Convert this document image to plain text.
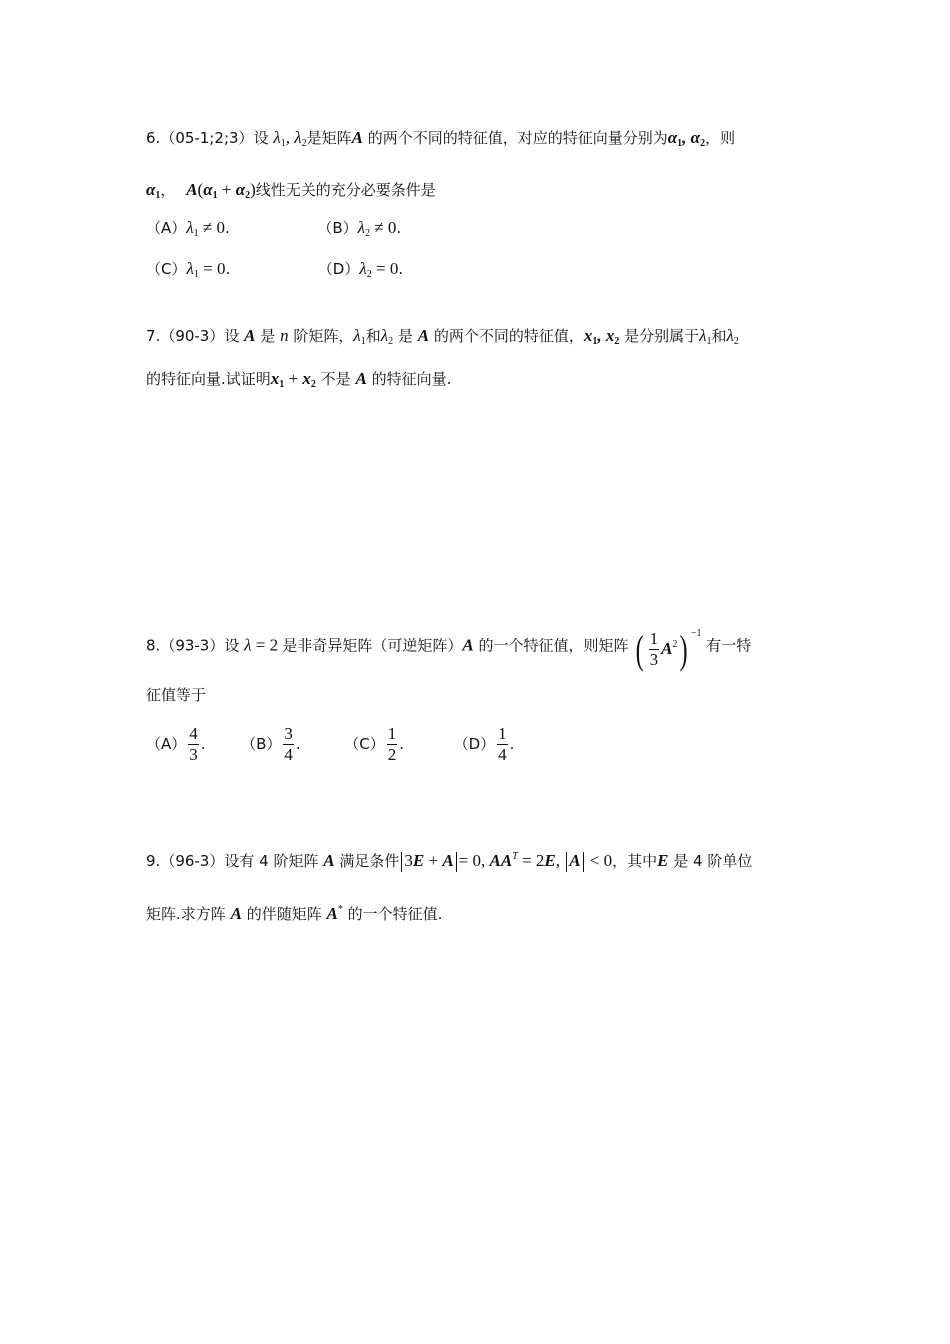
6.（05-1;2;3）设 $\lambda_1$, $\lambda_2$是矩阵A 的两个不同的特征值，对应的特征向量分别为$\alpha_1$, $\alpha_2$，则
$\alpha_1$， $A(\alpha_1 + \alpha_2)$线性无关的充分必要条件是
$(A)\lambda_1 \ne 0$.	$(B)\lambda_2 \ne 0$.
$(C)\lambda_1 = 0$.	$(D)\lambda_2 = 0$.
7.（90-3）设 A 是 n 阶矩阵，$\lambda_1$和$\lambda_2$ 是 A 的两个不同的特征值，$x_1$, $x_2$ 是分别属于$\lambda_1$和$\lambda_2$
的特征向量.试证明$x_1 + x_2$ 不是 A 的特征向量.
8.（93-3）设 λ = 2 是非奇异矩阵（可逆矩阵）A 的一个特征值，则矩阵 ( $\frac{1}{3} A^2$) $^{-1}$ 有一特
征值等于
$(A) \frac{4}{3}$ . $(B) \frac{3}{4}$ .	$(C) \frac{1}{2}$ .	$(D) \frac{1}{4}$ .
9.（96-3）设有 4 阶矩阵 A 满足条件 3E + A = 0, $AA^T = 2E$, A < 0，其中E 是 4 阶单位
矩阵.求方阵 A 的伴随矩阵 A* 的一个特征值.
